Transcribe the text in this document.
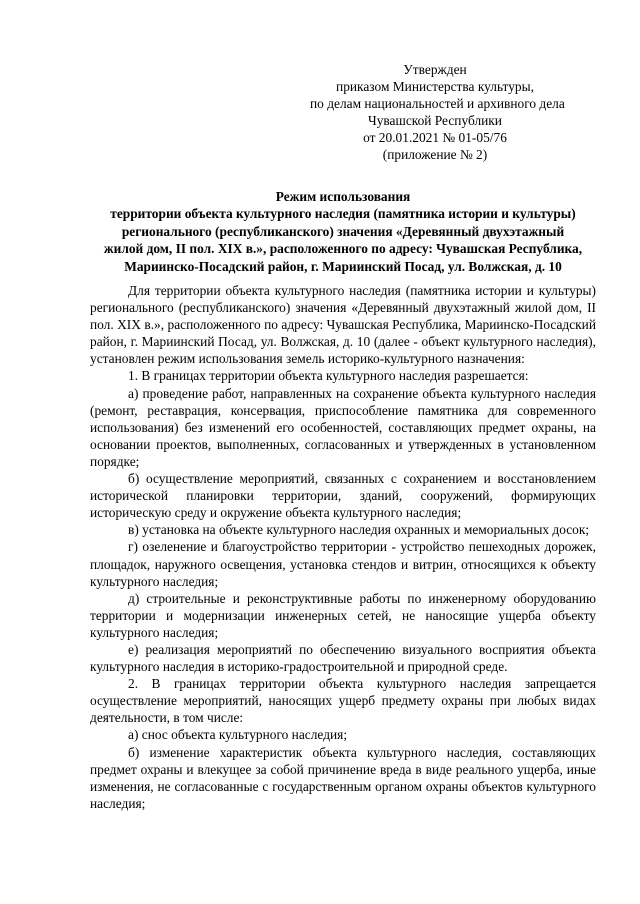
Утвержден
приказом Министерства культуры,
по делам национальностей и архивного дела
Чувашской Республики
от 20.01.2021 № 01-05/76
(приложение № 2)
Режим использования
территории объекта культурного наследия (памятника истории и культуры)
регионального (республиканского) значения «Деревянный двухэтажный
жилой дом, II пол. XIX в.», расположенного по адресу: Чувашская Республика,
Мариинско-Посадский район, г. Мариинский Посад, ул. Волжская, д. 10

Для территории объекта культурного наследия (памятника истории и культуры) регионального (республиканского) значения «Деревянный двухэтажный жилой дом, II пол. XIX в.», расположенного по адресу: Чувашская Республика, Мариинско-Посадский район, г. Мариинский Посад, ул. Волжская, д. 10 (далее - объект культурного наследия), установлен режим использования земель историко-культурного назначения:

1. В границах территории объекта культурного наследия разрешается:

а) проведение работ, направленных на сохранение объекта культурного наследия (ремонт, реставрация, консервация, приспособление памятника для современного использования) без изменений его особенностей, составляющих предмет охраны, на основании проектов, выполненных, согласованных и утвержденных в установленном порядке;

б) осуществление мероприятий, связанных с сохранением и восстановлением исторической планировки территории, зданий, сооружений, формирующих историческую среду и окружение объекта культурного наследия;

в) установка на объекте культурного наследия охранных и мемориальных досок;

г) озеленение и благоустройство территории - устройство пешеходных дорожек, площадок, наружного освещения, установка стендов и витрин, относящихся к объекту культурного наследия;

д) строительные и реконструктивные работы по инженерному оборудованию территории и модернизации инженерных сетей, не наносящие ущерба объекту культурного наследия;

е) реализация мероприятий по обеспечению визуального восприятия объекта культурного наследия в историко-градостроительной и природной среде.

2. В границах территории объекта культурного наследия запрещается осуществление мероприятий, наносящих ущерб предмету охраны при любых видах деятельности, в том числе:

а) снос объекта культурного наследия;

б) изменение характеристик объекта культурного наследия, составляющих предмет охраны и влекущее за собой причинение вреда в виде реального ущерба, иные изменения, не согласованные с государственным органом охраны объектов культурного наследия;
